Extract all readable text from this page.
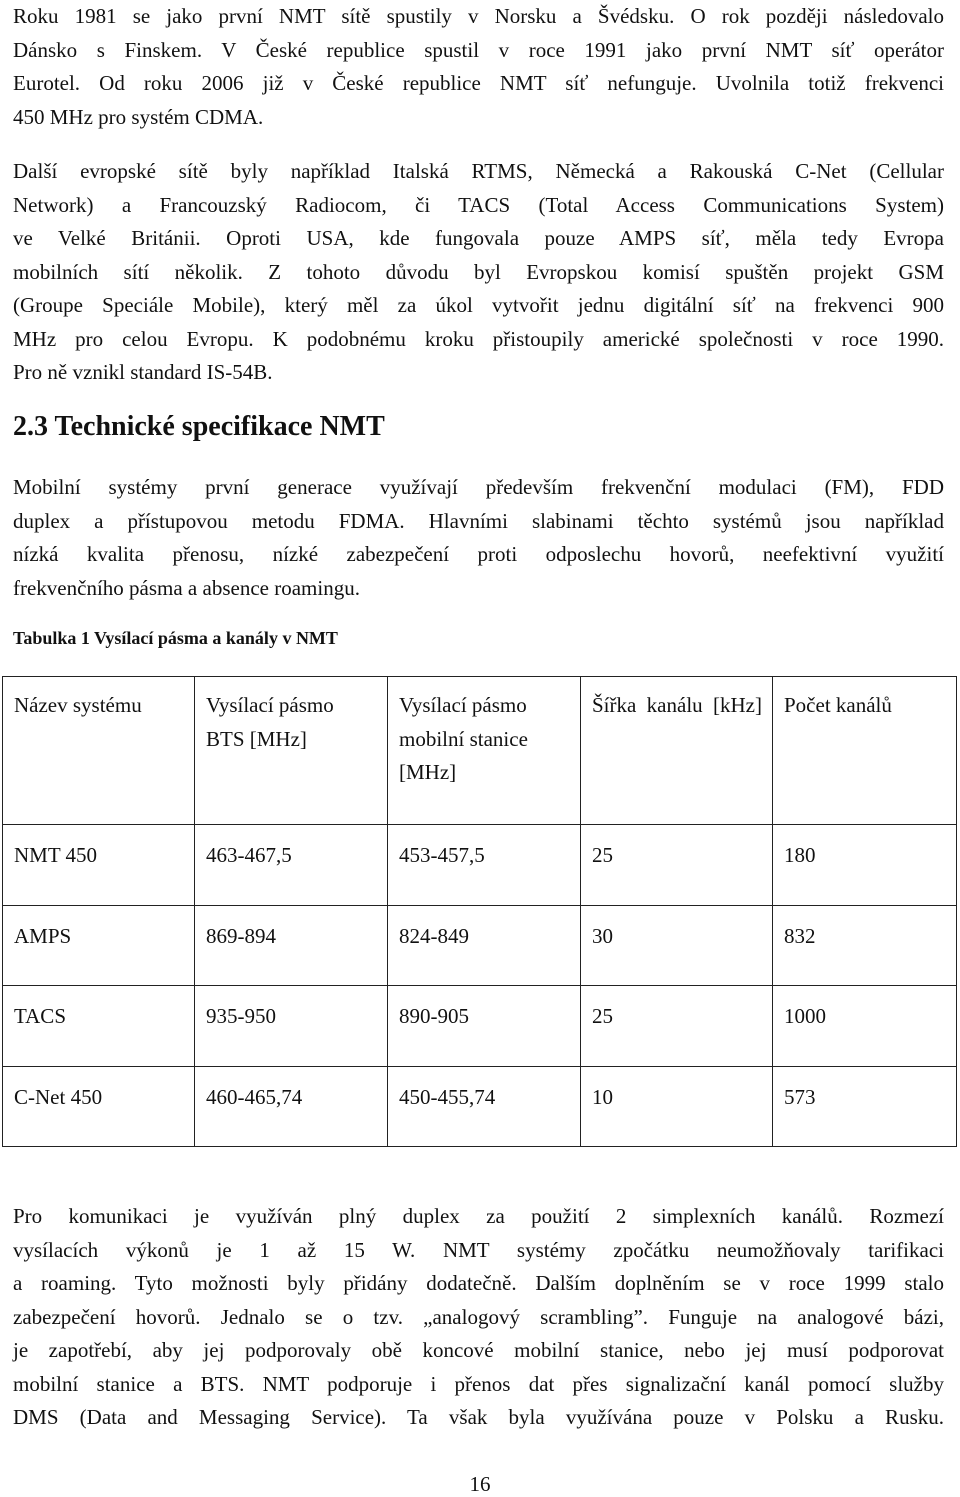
Roku 1981 se jako první NMT sítě spustily v Norsku a Švédsku. O rok později následovalo
Dánsko s Finskem. V České republice spustil v roce 1991 jako první NMT síť operátor
Eurotel. Od roku 2006 již v České republice NMT síť nefunguje. Uvolnila totiž frekvenci
450 MHz pro systém CDMA.
Další evropské sítě byly například Italská RTMS, Německá a Rakouská C-Net (Cellular
Network) a Francouzský Radiocom, či TACS (Total Access Communications System)
ve Velké Británii. Oproti USA, kde fungovala pouze AMPS síť, měla tedy Evropa
mobilních sítí několik. Z tohoto důvodu byl Evropskou komisí spuštěn projekt GSM
(Groupe Speciále Mobile), který měl za úkol vytvořit jednu digitální síť na frekvenci 900
MHz pro celou Evropu. K podobnému kroku přistoupily americké společnosti v roce 1990.
Pro ně vznikl standard IS-54B.
2.3 Technické specifikace NMT
Mobilní systémy první generace využívají především frekvenční modulaci (FM), FDD
duplex a přístupovou metodu FDMA. Hlavními slabinami těchto systémů jsou například
nízká kvalita přenosu, nízké zabezpečení proti odposlechu hovorů, neefektivní využití
frekvenčního pásma a absence roamingu.

Tabulka 1 Vysílací pásma a kanály v NMT

Název systému	Vysílací pásmo BTS [MHz]	Vysílací pásmo mobilní stanice [MHz]	Šířka kanálu [kHz]	Počet kanálů
NMT 450	463-467,5	453-457,5	25	180
AMPS	869-894	824-849	30	832
TACS	935-950	890-905	25	1000
C-Net 450	460-465,74	450-455,74	10	573
Pro komunikaci je využíván plný duplex za použití 2 simplexních kanálů. Rozmezí
vysílacích výkonů je 1 až 15 W. NMT systémy zpočátku neumožňovaly tarifikaci
a roaming. Tyto možnosti byly přidány dodatečně. Dalším doplněním se v roce 1999 stalo
zabezpečení hovorů. Jednalo se o tzv. „analogový scrambling”. Funguje na analogové bázi,
je zapotřebí, aby jej podporovaly obě koncové mobilní stanice, nebo jej musí podporovat
mobilní stanice a BTS. NMT podporuje i přenos dat přes signalizační kanál pomocí služby
DMS (Data and Messaging Service). Ta však byla využívána pouze v Polsku a Rusku.

16
